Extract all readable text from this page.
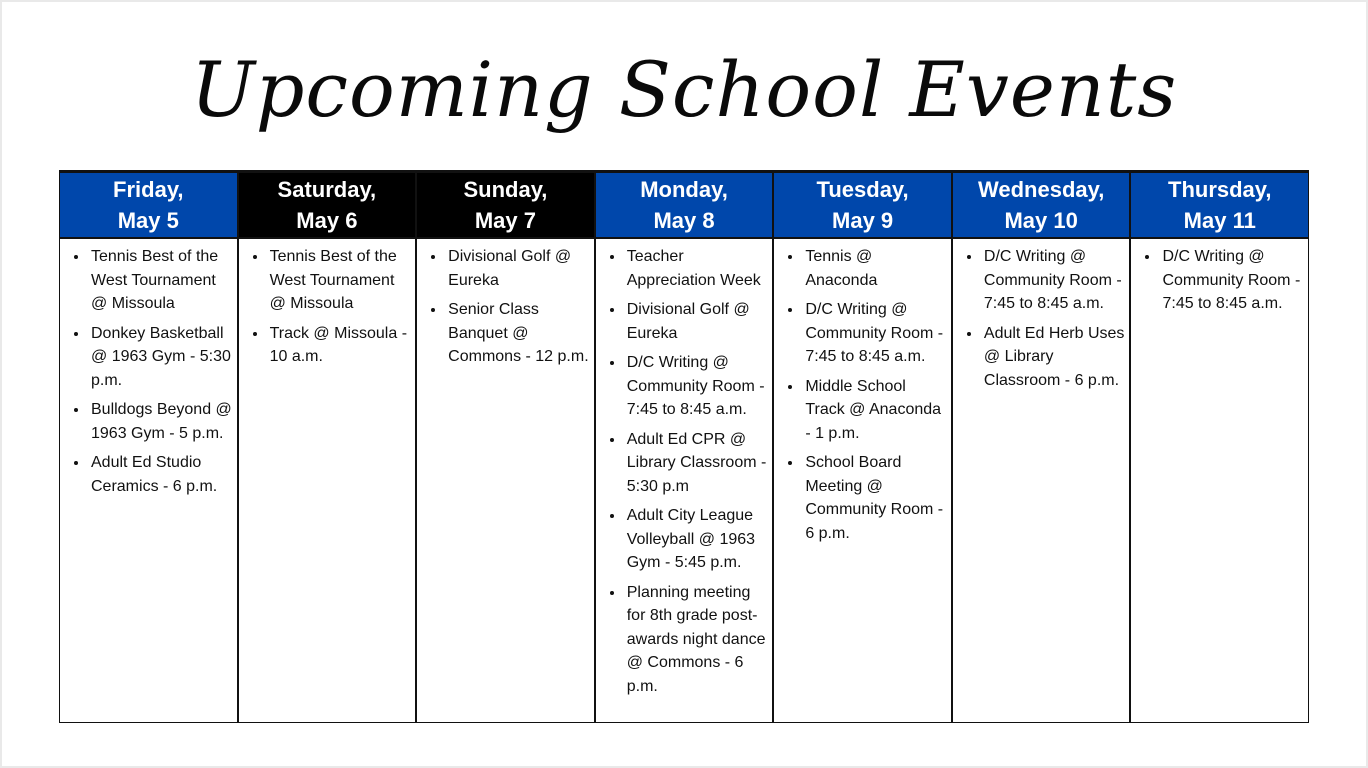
Upcoming School Events
Friday,
May 5
• Tennis Best of the West Tournament @ Missoula
• Donkey Basketball @ 1963 Gym - 5:30 p.m.
• Bulldogs Beyond @ 1963 Gym - 5 p.m.
• Adult Ed Studio Ceramics - 6 p.m.
Saturday,
May 6
• Tennis Best of the West Tournament @ Missoula
• Track @ Missoula - 10 a.m.
Sunday,
May 7
• Divisional Golf @ Eureka
• Senior Class Banquet @ Commons - 12 p.m.
Monday,
May 8
• Teacher Appreciation Week
• Divisional Golf @ Eureka
• D/C Writing @ Community Room - 7:45 to 8:45 a.m.
• Adult Ed CPR @ Library Classroom - 5:30 p.m
• Adult City League Volleyball @ 1963 Gym - 5:45 p.m.
• Planning meeting for 8th grade post-awards night dance @ Commons - 6 p.m.
Tuesday,
May 9
• Tennis @ Anaconda
• D/C Writing @ Community Room - 7:45 to 8:45 a.m.
• Middle School Track @ Anaconda - 1 p.m.
• School Board Meeting @ Community Room - 6 p.m.
Wednesday,
May 10
• D/C Writing @ Community Room - 7:45 to 8:45 a.m.
• Adult Ed Herb Uses @ Library Classroom - 6 p.m.
Thursday,
May 11
• D/C Writing @ Community Room - 7:45 to 8:45 a.m.
